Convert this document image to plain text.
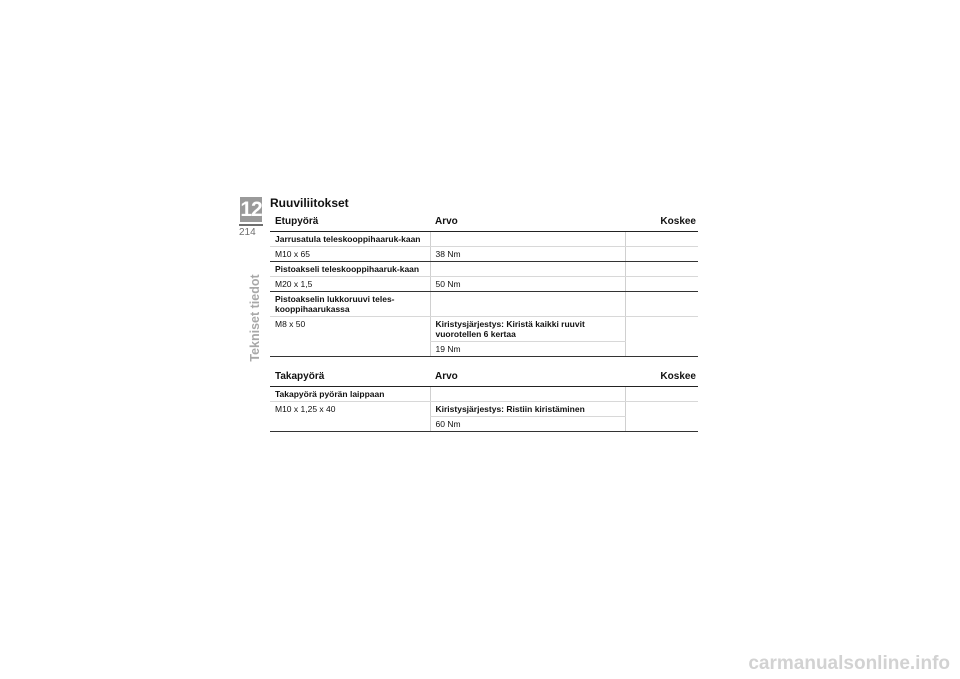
12
214
Tekniset tiedot
Ruuviliitokset
Etupyörä	Arvo	Koskee
Jarrusatula teleskooppihaaruk-kaan		
M10 x 65	38 Nm	
Pistoakseli teleskooppihaaruk-kaan		
M20 x 1,5	50 Nm	
Pistoakselin lukkoruuvi teles-kooppihaarukassa		
M8 x 50	Kiristysjärjestys: Kiristä kaikki ruuvit vuorotellen 6 kertaa	
	19 Nm	
Takapyörä	Arvo	Koskee
Takapyörä pyörän laippaan		
M10 x 1,25 x 40	Kiristysjärjestys: Ristiin kiristäminen	
	60 Nm	
carmanualsonline.info
